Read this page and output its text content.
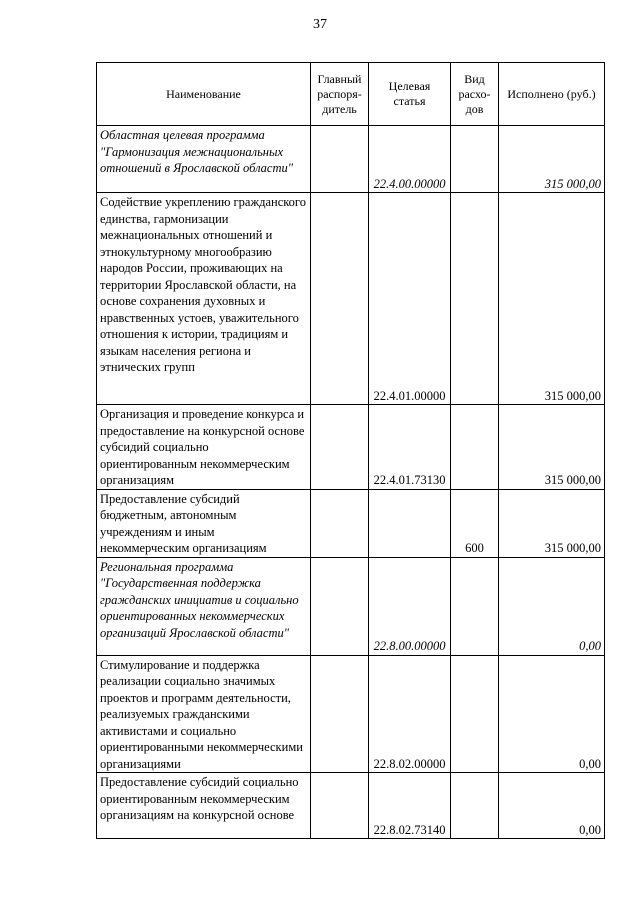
37
Наименование	Главный распоря-дитель	Целевая статья	Вид расхо-дов	Исполнено (руб.)
Областная целевая программа "Гармонизация межнациональных отношений в Ярославской области"		22.4.00.00000		315 000,00
Содействие укреплению гражданского единства, гармонизации межнациональных отношений и этнокультурному многообразию народов России, проживающих на территории Ярославской области, на основе сохранения духовных и нравственных устоев, уважительного отношения к истории, традициям и языкам населения региона и этнических групп		22.4.01.00000		315 000,00
Организация и проведение конкурса и предоставление на конкурсной основе субсидий социально ориентированным некоммерческим организациям		22.4.01.73130		315 000,00
Предоставление субсидий бюджетным, автономным учреждениям и иным некоммерческим организациям			600	315 000,00
Региональная программа "Государственная поддержка гражданских инициатив и социально ориентированных некоммерческих организаций Ярославской области"		22.8.00.00000		0,00
Стимулирование и поддержка реализации социально значимых проектов и программ деятельности, реализуемых гражданскими активистами и социально ориентированными некоммерческими организациями		22.8.02.00000		0,00
Предоставление субсидий социально ориентированным некоммерческим организациям на конкурсной основе		22.8.02.73140		0,00
